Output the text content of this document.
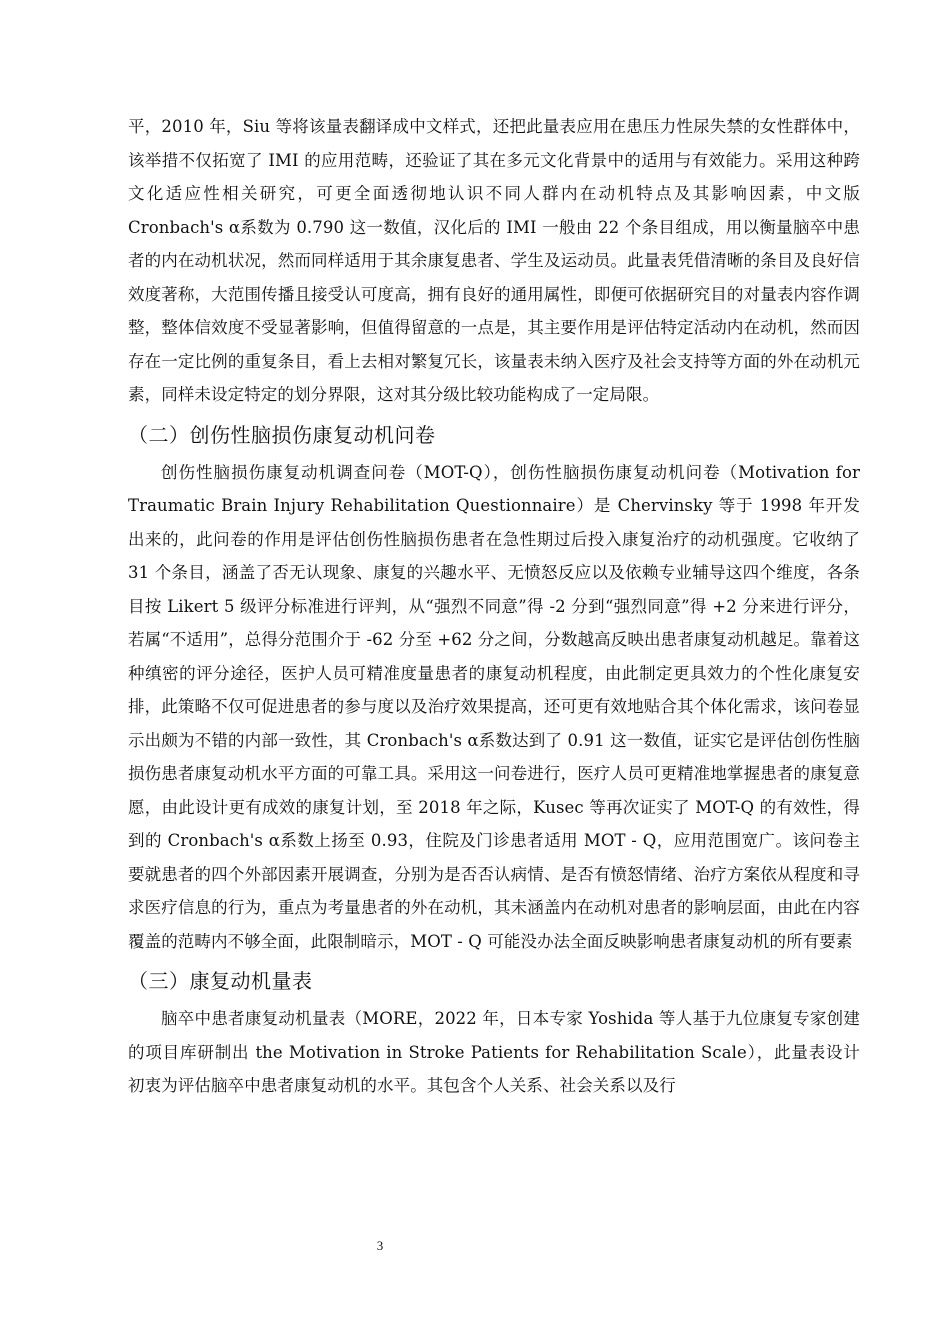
平，2010 年，Siu 等将该量表翻译成中文样式，还把此量表应用在患压力性尿失禁的女性群体中，该举措不仅拓宽了 IMI 的应用范畴，还验证了其在多元文化背景中的适用与有效能力。采用这种跨文化适应性相关研究，可更全面透彻地认识不同人群内在动机特点及其影响因素，中文版 Cronbach's α系数为 0.790 这一数值，汉化后的 IMI 一般由 22 个条目组成，用以衡量脑卒中患者的内在动机状况，然而同样适用于其余康复患者、学生及运动员。此量表凭借清晰的条目及良好信效度著称，大范围传播且接受认可度高，拥有良好的通用属性，即便可依据研究目的对量表内容作调整，整体信效度不受显著影响，但值得留意的一点是，其主要作用是评估特定活动内在动机，然而因存在一定比例的重复条目，看上去相对繁复冗长，该量表未纳入医疗及社会支持等方面的外在动机元素，同样未设定特定的划分界限，这对其分级比较功能构成了一定局限。

（二）创伤性脑损伤康复动机问卷

创伤性脑损伤康复动机调查问卷（MOT-Q），创伤性脑损伤康复动机问卷（Motivation for Traumatic Brain Injury Rehabilitation Questionnaire）是 Chervinsky 等于 1998 年开发出来的，此问卷的作用是评估创伤性脑损伤患者在急性期过后投入康复治疗的动机强度。它收纳了 31 个条目，涵盖了否无认现象、康复的兴趣水平、无愤怒反应以及依赖专业辅导这四个维度，各条目按 Likert 5 级评分标准进行评判，从“强烈不同意”得 -2 分到“强烈同意”得 +2 分来进行评分，若属“不适用”，总得分范围介于 -62 分至 +62 分之间，分数越高反映出患者康复动机越足。靠着这种缜密的评分途径，医护人员可精准度量患者的康复动机程度，由此制定更具效力的个性化康复安排，此策略不仅可促进患者的参与度以及治疗效果提高，还可更有效地贴合其个体化需求，该问卷显示出颇为不错的内部一致性，其 Cronbach's α系数达到了 0.91 这一数值，证实它是评估创伤性脑损伤患者康复动机水平方面的可靠工具。采用这一问卷进行，医疗人员可更精准地掌握患者的康复意愿，由此设计更有成效的康复计划，至 2018 年之际，Kusec 等再次证实了 MOT-Q 的有效性，得到的 Cronbach's α系数上扬至 0.93，住院及门诊患者适用 MOT - Q，应用范围宽广。该问卷主要就患者的四个外部因素开展调查，分别为是否否认病情、是否有愤怒情绪、治疗方案依从程度和寻求医疗信息的行为，重点为考量患者的外在动机，其未涵盖内在动机对患者的影响层面，由此在内容覆盖的范畴内不够全面，此限制暗示，MOT - Q 可能没办法全面反映影响患者康复动机的所有要素

（三）康复动机量表

脑卒中患者康复动机量表（MORE，2022 年，日本专家 Yoshida 等人基于九位康复专家创建的项目库研制出 the Motivation in Stroke Patients for Rehabilitation Scale），此量表设计初衷为评估脑卒中患者康复动机的水平。其包含个人关系、社会关系以及行

3
